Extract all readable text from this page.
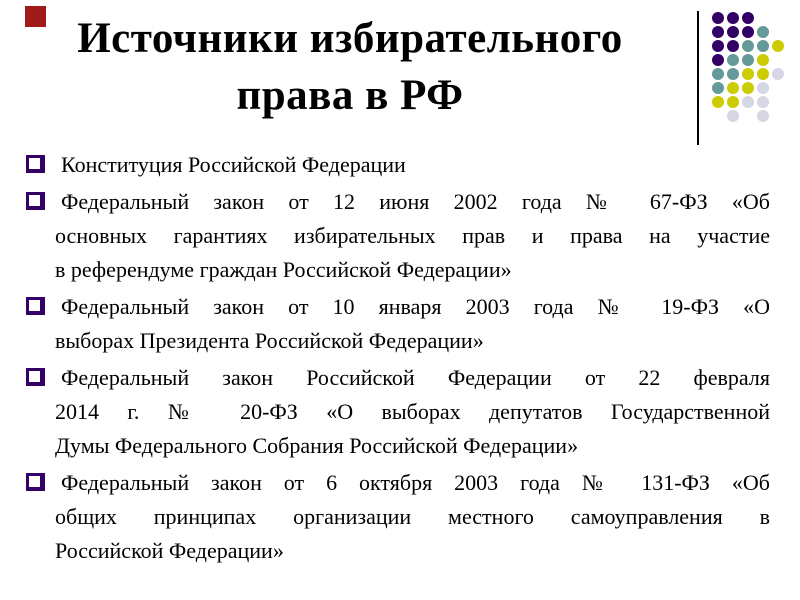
Источники избирательного
права в РФ
Конституция Российской Федерации
Федеральный закон от 12 июня 2002 года № 67-ФЗ «Об
основных гарантиях избирательных прав и права на участие
в референдуме граждан Российской Федерации»
Федеральный закон от 10 января 2003 года № 19-ФЗ «О
выборах Президента Российской Федерации»
Федеральный закон Российской Федерации от 22 февраля
2014 г. № 20-ФЗ «О выборах депутатов Государственной
Думы Федерального Собрания Российской Федерации»
Федеральный закон от 6 октября 2003 года № 131-ФЗ «Об
общих принципах организации местного самоуправления в
Российской Федерации»
